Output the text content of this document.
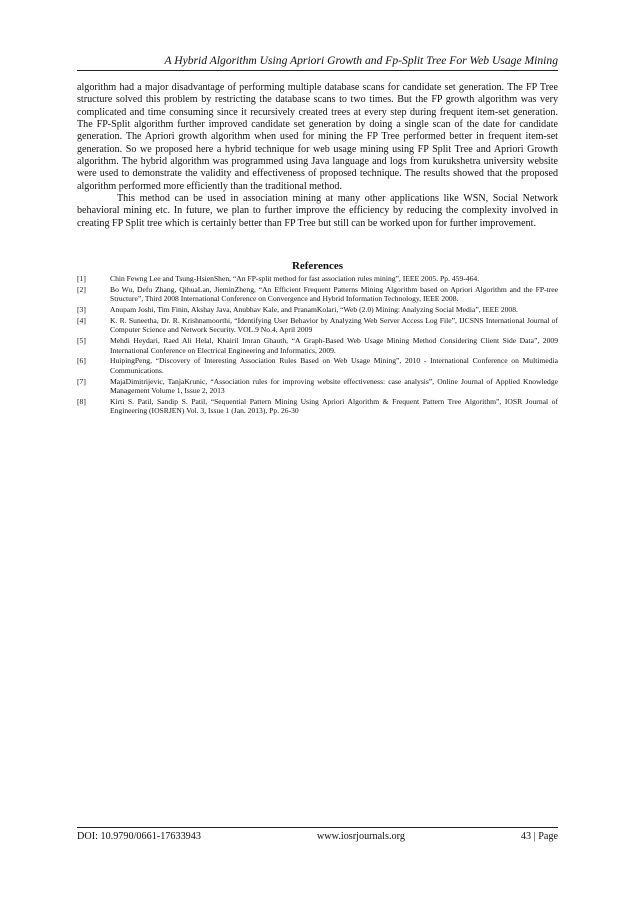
A Hybrid Algorithm Using Apriori Growth and Fp-Split Tree For Web Usage Mining

algorithm had a major disadvantage of performing multiple database scans for candidate set generation. The FP Tree structure solved this problem by restricting the database scans to two times. But the FP growth algorithm was very complicated and time consuming since it recursively created trees at every step during frequent item-set generation. The FP-Split algorithm further improved candidate set generation by doing a single scan of the date for candidate generation. The Apriori growth algorithm when used for mining the FP Tree performed better in frequent item-set generation. So we proposed here a hybrid technique for web usage mining using FP Split Tree and Apriori Growth algorithm. The hybrid algorithm was programmed using Java language and logs from kurukshetra university website were used to demonstrate the validity and effectiveness of proposed technique. The results showed that the proposed algorithm performed more efficiently than the traditional method.

This method can be used in association mining at many other applications like WSN, Social Network behavioral mining etc. In future, we plan to further improve the efficiency by reducing the complexity involved in creating FP Split tree which is certainly better than FP Tree but still can be worked upon for further improvement.

References
[1]	Chin Fewng Lee and Tsung-HsienShen, “An FP-split method for fast association rules mining”, IEEE 2005. Pp. 459-464.
[2]	Bo Wu, Defu Zhang, QihuaLan, JieminZheng, “An Efficient Frequent Patterns Mining Algorithm based on Apriori Algorithm and the FP-tree Structure”, Third 2008 International Conference on Convergence and Hybrid Information Technology, IEEE 2008.
[3]	Anupam Joshi, Tim Finin, Akshay Java, Anubhav Kale, and PranamKolari, “Web (2.0) Mining: Analyzing Social Media”, IEEE 2008.
[4]	K. R. Suneetha, Dr. R. Krishnamoorthi, “Identifying User Behavior by Analyzing Web Server Access Log File”, IJCSNS International Journal of Computer Science and Network Security. VOL.9 No.4, April 2009
[5]	Mehdi Heydari, Raed Ali Helal, Khairil Imran Ghauth, “A Graph-Based Web Usage Mining Method Considering Client Side Data”, 2009 International Conference on Electrical Engineering and Informatics, 2009.
[6]	HuipingPeng, “Discovery of Interesting Association Rules Based on Web Usage Mining”, 2010 - International Conference on Multimedia Communications.
[7]	MajaDimitrijevic, TanjaKrunic, “Association rules for improving website effectiveness: case analysis”, Online Journal of Applied Knowledge Management Volume 1, Issue 2, 2013
[8]	Kirti S. Patil, Sandip S. Patil, “Sequential Pattern Mining Using Apriori Algorithm & Frequent Pattern Tree Algorithm”, IOSR Journal of Engineering (IOSRJEN) Vol. 3, Issue 1 (Jan. 2013), Pp. 26-30
DOI: 10.9790/0661-17633943	www.iosrjournals.org	43 | Page
